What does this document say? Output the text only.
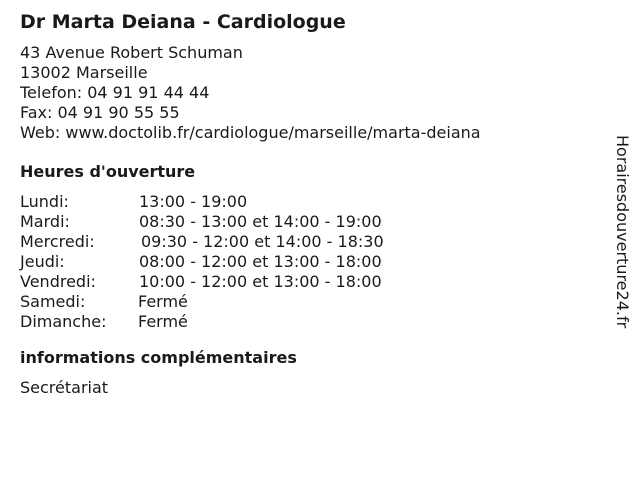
Dr Marta Deiana - Cardiologue
43 Avenue Robert Schuman
13002 Marseille
Telefon: 04 91 91 44 44
Fax: 04 91 90 55 55
Web: www.doctolib.fr/cardiologue/marseille/marta-deiana
Heures d'ouverture
Lundi:	13:00 - 19:00
Mardi:	08:30 - 13:00 et 14:00 - 19:00
Mercredi:	09:30 - 12:00 et 14:00 - 18:30
Jeudi:	08:00 - 12:00 et 13:00 - 18:00
Vendredi:	10:00 - 12:00 et 13:00 - 18:00
Samedi:	Fermé
Dimanche: Fermé
informations complémentaires
Secrétariat
Horairesdouverture24.fr
